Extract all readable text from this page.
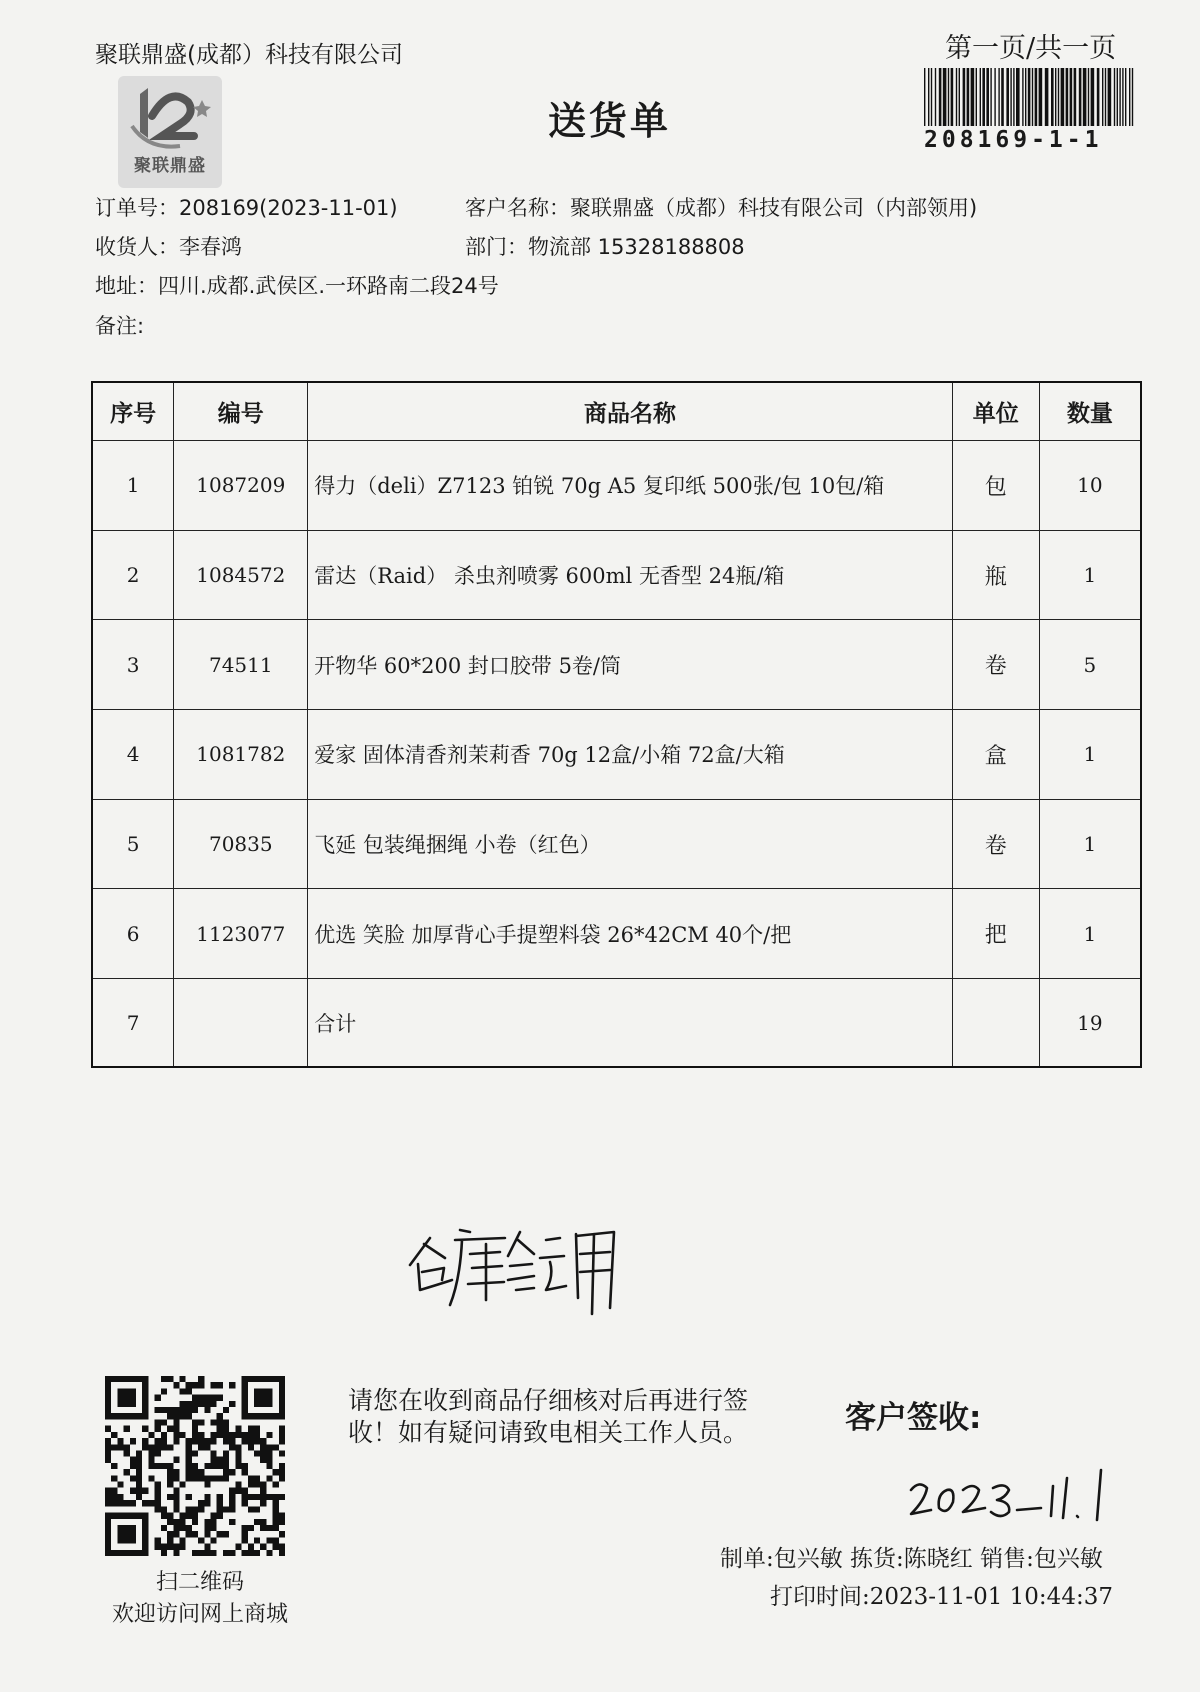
聚联鼎盛(成都）科技有限公司	第一页/共一页
聚联鼎盛
送货单	208169-1-1
订单号：208169(2023-11-01)	客户名称：聚联鼎盛（成都）科技有限公司（内部领用)
收货人：李春鸿	部门：物流部 15328188808
地址：四川.成都.武侯区.一环路南二段24号
备注:
序号	编号	商品名称	单位	数量
1	1087209	得力（deli）Z7123 铂锐 70g A5 复印纸 500张/包 10包/箱	包	10
2	1084572	雷达（Raid） 杀虫剂喷雾 600ml 无香型 24瓶/箱	瓶	1
3	74511	开物华 60*200 封口胶带 5卷/筒	卷	5
4	1081782	爱家 固体清香剂茉莉香 70g 12盒/小箱 72盒/大箱	盒	1
5	70835	飞延 包装绳捆绳 小卷（红色）	卷	1
6	1123077	优选 笑脸 加厚背心手提塑料袋 26*42CM 40个/把	把	1
7		合计		19
扫二维码
欢迎访问网上商城
请您在收到商品仔细核对后再进行签收！如有疑问请致电相关工作人员。	客户签收:
制单:包兴敏 拣货:陈晓红 销售:包兴敏
打印时间:2023-11-01 10:44:37
